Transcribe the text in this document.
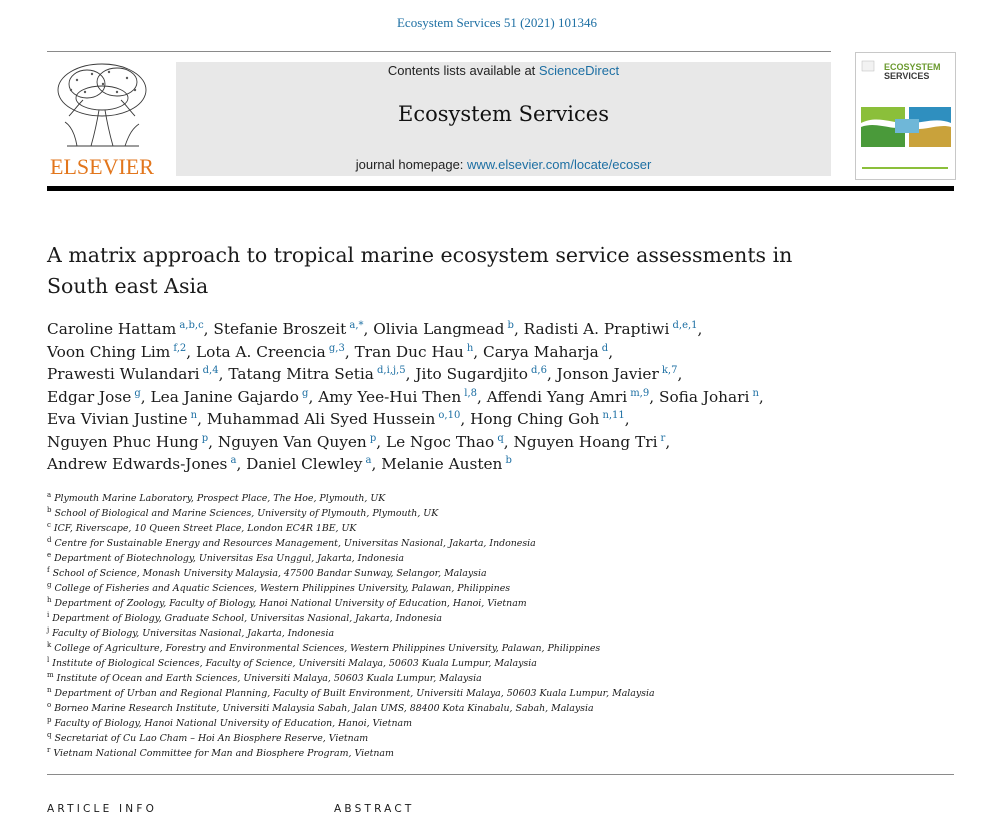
Ecosystem Services 51 (2021) 101346
ELSEVIER
Contents lists available at ScienceDirect
Ecosystem Services
journal homepage: www.elsevier.com/locate/ecoser
ECOSYSTEM
SERVICES
A matrix approach to tropical marine ecosystem service assessments in South east Asia
Caroline Hattam  $^{a,b,c}$, Stefanie Broszeit  $^{a,*}$, Olivia Langmead  $^b$, Radisti A. Praptiwi  $^{d,e,1}$,
Voon Ching Lim  $^{f,2}$, Lota A. Creencia  $^{g,3}$, Tran Duc Hau  $^h$, Carya Maharja  $^d$,
Prawesti Wulandari  $^{d,4}$, Tatang Mitra Setia  $^{d,i,j,5}$, Jito Sugardjito  $^{d,6}$, Jonson Javier  $^{k,7}$,
Edgar Jose  $^g$, Lea Janine Gajardo  $^g$, Amy Yee-Hui Then  $^{l,8}$, Affendi Yang Amri  $^{m,9}$, Sofia Johari  $^n$,
Eva Vivian Justine  $^n$, Muhammad Ali Syed Hussein  $^{o,10}$, Hong Ching Goh  $^{n,11}$,
Nguyen Phuc Hung  $^p$, Nguyen Van Quyen  $^p$, Le Ngoc Thao  $^q$, Nguyen Hoang Tri  $^r$,
Andrew Edwards-Jones  $^a$, Daniel Clewley  $^a$, Melanie Austen  $^b$
$^a$ Plymouth Marine Laboratory, Prospect Place, The Hoe, Plymouth, UK
$^b$ School of Biological and Marine Sciences, University of Plymouth, Plymouth, UK
$^c$ ICF, Riverscape, 10 Queen Street Place, London EC4R 1BE, UK
$^d$ Centre for Sustainable Energy and Resources Management, Universitas Nasional, Jakarta, Indonesia
$^e$ Department of Biotechnology, Universitas Esa Unggul, Jakarta, Indonesia
$^f$ School of Science, Monash University Malaysia, 47500 Bandar Sunway, Selangor, Malaysia
$^g$ College of Fisheries and Aquatic Sciences, Western Philippines University, Palawan, Philippines
$^h$ Department of Zoology, Faculty of Biology, Hanoi National University of Education, Hanoi, Vietnam
$^i$ Department of Biology, Graduate School, Universitas Nasional, Jakarta, Indonesia
$^j$ Faculty of Biology, Universitas Nasional, Jakarta, Indonesia
$^k$ College of Agriculture, Forestry and Environmental Sciences, Western Philippines University, Palawan, Philippines
$^l$ Institute of Biological Sciences, Faculty of Science, Universiti Malaya, 50603 Kuala Lumpur, Malaysia
$^m$ Institute of Ocean and Earth Sciences, Universiti Malaya, 50603 Kuala Lumpur, Malaysia
$^n$ Department of Urban and Regional Planning, Faculty of Built Environment, Universiti Malaya, 50603 Kuala Lumpur, Malaysia
$^o$ Borneo Marine Research Institute, Universiti Malaysia Sabah, Jalan UMS, 88400 Kota Kinabalu, Sabah, Malaysia
$^p$ Faculty of Biology, Hanoi National University of Education, Hanoi, Vietnam
$^q$ Secretariat of Cu Lao Cham – Hoi An Biosphere Reserve, Vietnam
$^r$ Vietnam National Committee for Man and Biosphere Program, Vietnam
ARTICLE INFO	ABSTRACT
